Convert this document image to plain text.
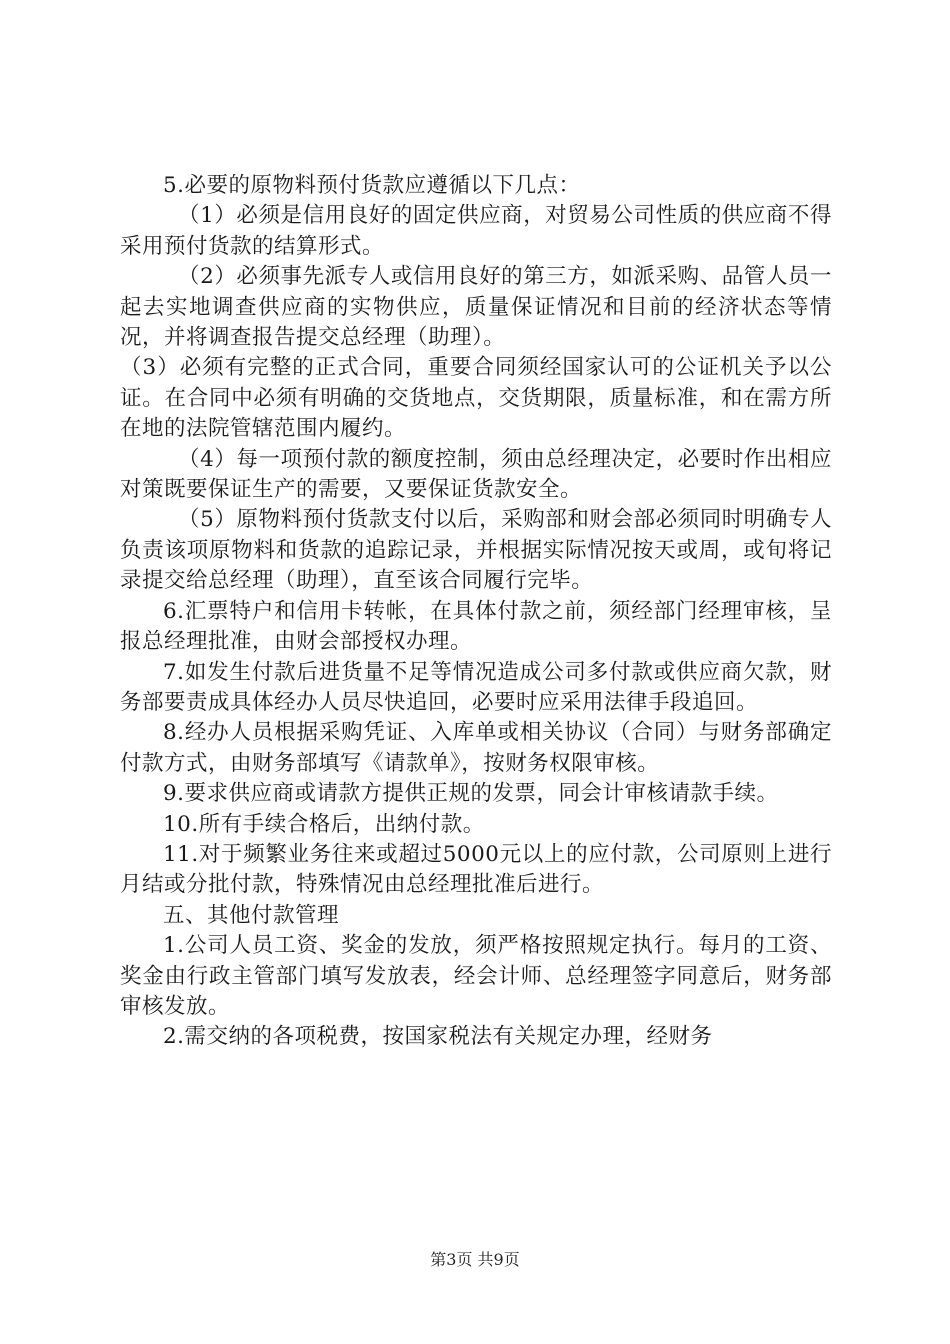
5.必要的原物料预付货款应遵循以下几点：

（1）必须是信用良好的固定供应商，对贸易公司性质的供应商不得采用预付货款的结算形式。

（2）必须事先派专人或信用良好的第三方，如派采购、品管人员一起去实地调查供应商的实物供应，质量保证情况和目前的经济状态等情况，并将调查报告提交总经理（助理）。

（3）必须有完整的正式合同，重要合同须经国家认可的公证机关予以公证。在合同中必须有明确的交货地点，交货期限，质量标准，和在需方所在地的法院管辖范围内履约。

（4）每一项预付款的额度控制，须由总经理决定，必要时作出相应对策既要保证生产的需要，又要保证货款安全。

（5）原物料预付货款支付以后，采购部和财会部必须同时明确专人负责该项原物料和货款的追踪记录，并根据实际情况按天或周，或旬将记录提交给总经理（助理），直至该合同履行完毕。

6.汇票特户和信用卡转帐，在具体付款之前，须经部门经理审核，呈报总经理批准，由财会部授权办理。

7.如发生付款后进货量不足等情况造成公司多付款或供应商欠款，财务部要责成具体经办人员尽快追回，必要时应采用法律手段追回。

8.经办人员根据采购凭证、入库单或相关协议（合同）与财务部确定付款方式，由财务部填写《请款单》，按财务权限审核。

9.要求供应商或请款方提供正规的发票，同会计审核请款手续。

10.所有手续合格后，出纳付款。

11.对于频繁业务往来或超过5000元以上的应付款，公司原则上进行月结或分批付款，特殊情况由总经理批准后进行。

五、其他付款管理

1.公司人员工资、奖金的发放，须严格按照规定执行。每月的工资、奖金由行政主管部门填写发放表，经会计师、总经理签字同意后，财务部审核发放。

2.需交纳的各项税费，按国家税法有关规定办理，经财务

第3页 共9页
